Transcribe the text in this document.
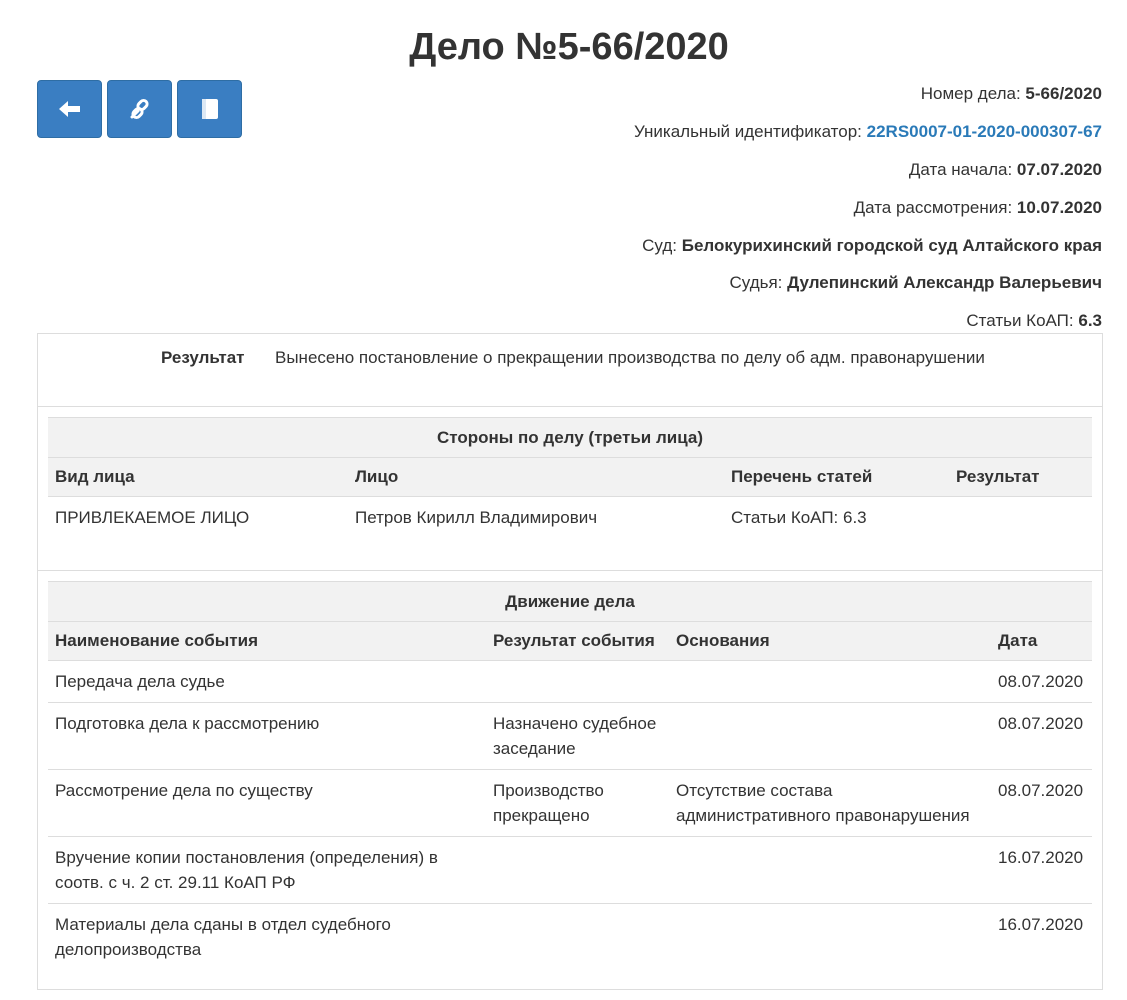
Дело №5-66/2020
Номер дела: 5-66/2020
Уникальный идентификатор: 22RS0007-01-2020-000307-67
Дата начала: 07.07.2020
Дата рассмотрения: 10.07.2020
Суд: Белокурихинский городской суд Алтайского края
Судья: Дулепинский Александр Валерьевич
Статьи КоАП: 6.3
Результат Вынесено постановление о прекращении производства по делу об адм. правонарушении
Стороны по делу (третьи лица)			
Вид лица	Лицо	Перечень статей	Результат
ПРИВЛЕКАЕМОЕ ЛИЦО	Петров Кирилл Владимирович	Статьи КоАП: 6.3	
Движение дела			
Наименование события	Результат события	Основания	Дата
Передача дела судье			08.07.2020
Подготовка дела к рассмотрению	Назначено судебное заседание		08.07.2020
Рассмотрение дела по существу	Производство прекращено	Отсутствие состава административного правонарушения	08.07.2020
Вручение копии постановления (определения) в соотв. с ч. 2 ст. 29.11 КоАП РФ			16.07.2020
Материалы дела сданы в отдел судебного делопроизводства			16.07.2020
